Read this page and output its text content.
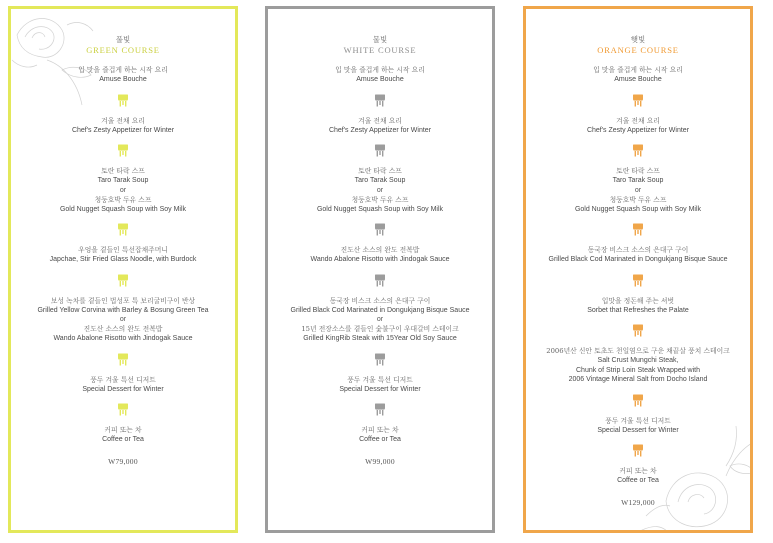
풀빛
GREEN COURSE
입 맛을 즐겁게 하는 시작 요리
Amuse Bouche
겨울 전채 요리
Chef's Zesty Appetizer for Winter
토란 타락 스프
Taro Tarak Soup
or
청둥호박 두유 스프
Gold Nugget Squash Soup with Soy Milk
우엉을 곁들인 특선잡채주머니
Japchae, Stir Fried Glass Noodle, with Burdock
보성 녹차를 곁들인 법성포 특 보리굴비구이 반상
Grilled Yellow Corvina with Barley & Bosung Green Tea
or
진도산 소스의 완도 전복밥
Wando Abalone Risotto with Jindogak Sauce
풍두 겨울 특선 디저트
Special Dessert for Winter
커피 또는 차
Coffee or Tea
W79,000
물빛
WHITE COURSE
입 맛을 즐겁게 하는 시작 요리
Amuse Bouche
겨울 전채 요리
Chef's Zesty Appetizer for Winter
토란 타락 스프
Taro Tarak Soup
or
청둥호박 두유 스프
Gold Nugget Squash Soup with Soy Milk
진도산 소스의 완도 전복밥
Wando Abalone Risotto with Jindogak Sauce
동국장 비스크 소스의 은대구 구이
Grilled Black Cod Marinated in Dongukjang Bisque Sauce
or
15년 전장소스를 곁들인 숯불구이 우대갈비 스테이크
Grilled KingRib Steak with 15Year Old Soy Sauce
풍두 겨울 특선 디저트
Special Dessert for Winter
커피 또는 차
Coffee or Tea
W99,000
햇빛
ORANGE COURSE
입 맛을 즐겁게 하는 시작 요리
Amuse Bouche
겨울 전채 요리
Chef's Zesty Appetizer for Winter
토란 타락 스프
Taro Tarak Soup
or
청둥호박 두유 스프
Gold Nugget Squash Soup with Soy Milk
동국장 비스크 소스의 은대구 구이
Grilled Black Cod Marinated in Dongukjang Bisque Sauce
입맛을 정돈해 주는 셔벗
Sorbet that Refreshes the Palate
2006년산 신안 토초도 천일염으로 구운 채끝살 풍치 스테이크
Salt Crust Mungchi Steak,
Chunk of Strip Loin Steak Wrapped with
2006 Vintage Mineral Salt from Docho Island
풍두 겨울 특선 디저트
Special Dessert for Winter
커피 또는 차
Coffee or Tea
W129,000
